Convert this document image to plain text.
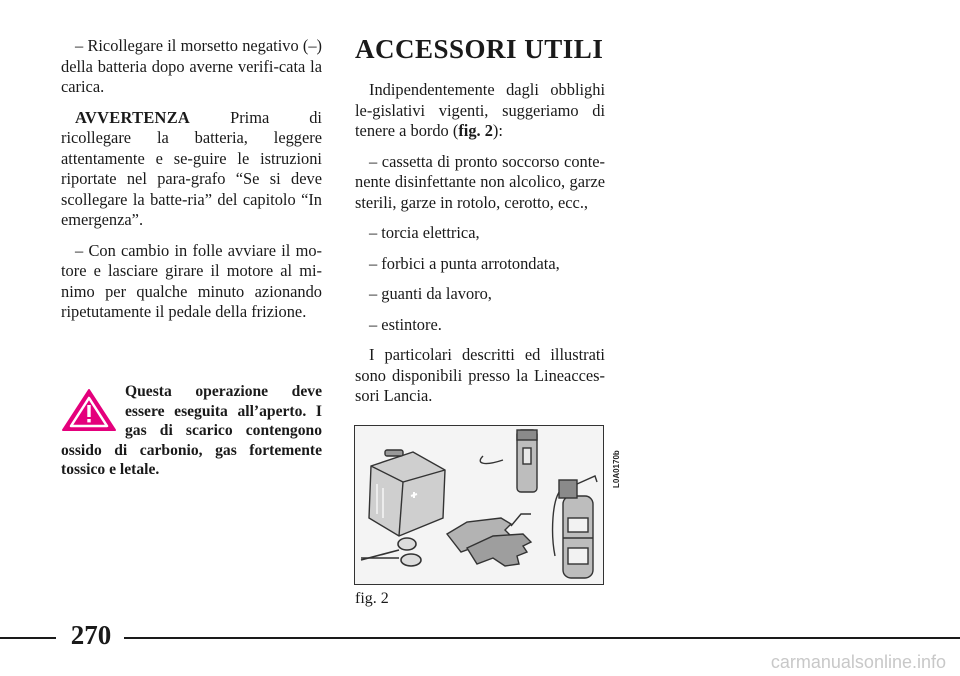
– Ricollegare il morsetto negativo (–) della batteria dopo averne verifi-cata la carica.

AVVERTENZA Prima di ricollegare la batteria, leggere attentamente e se-guire le istruzioni riportate nel para-grafo “Se si deve scollegare la batte-ria” del capitolo “In emergenza”.

– Con cambio in folle avviare il mo-tore e lasciare girare il motore al mi-nimo per qualche minuto azionando ripetutamente il pedale della frizione.

Questa operazione deve essere eseguita all’aperto. I gas di scarico contengono ossido di carbonio, gas fortemente tossico e letale.
ACCESSORI UTILI

Indipendentemente dagli obblighi le-gislativi vigenti, suggeriamo di tenere a bordo (fig. 2):

– cassetta di pronto soccorso conte-nente disinfettante non alcolico, garze sterili, garze in rotolo, cerotto, ecc.,

– torcia elettrica,

– forbici a punta arrotondata,

– guanti da lavoro,

– estintore.

I particolari descritti ed illustrati sono disponibili presso la Lineacces-sori Lancia.

L0A0170b
fig. 2
270
carmanualsonline.info
